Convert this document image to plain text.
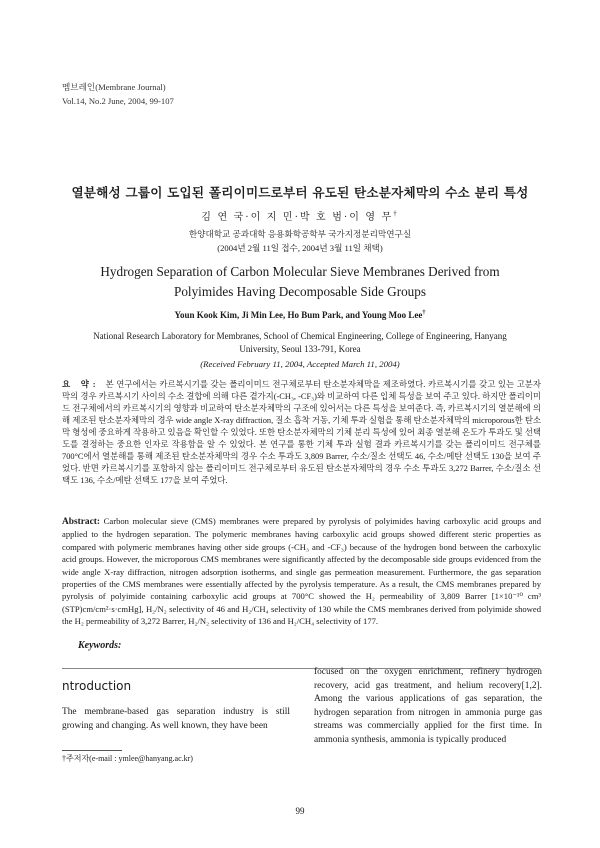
멤브레인(Membrane Journal)
Vol.14, No.2 June, 2004, 99-107
열분해성 그룹이 도입된 폴리이미드로부터 유도된 탄소분자체막의 수소 분리 특성
김 연 국·이 지 민·박 호 범·이 영 무†
한양대학교 공과대학 응용화학공학부 국가지정분리막연구실
(2004년 2월 11일 접수, 2004년 3월 11일 채택)
Hydrogen Separation of Carbon Molecular Sieve Membranes Derived from Polyimides Having Decomposable Side Groups
Youn Kook Kim, Ji Min Lee, Ho Bum Park, and Young Moo Lee†
National Research Laboratory for Membranes, School of Chemical Engineering, College of Engineering, Hanyang University, Seoul 133-791, Korea
(Received February 11, 2004, Accepted March 11, 2004)
요 약: 본 연구에서는 카르복시기를 갖는 폴리이미드 전구체로부터 탄소분자체막을 제조하였다. 카르복시기를 갖고 있는 고분자 막의 경우 카르복시기 사이의 수소 결합에 의해 다른 곁가지(-CH₃, -CF₃)와 비교하여 다른 입체 특성을 보여 주고 있다. 하지만 폴리이미드 전구체에서의 카르복시기의 영향과 비교하여 탄소분자체막의 구조에 있어서는 다른 특성을 보여준다. 즉, 카르복시기의 열분해에 의해 제조된 탄소분자체막의 경우 wide angle X-ray diffraction, 질소 흡착 거동, 기체 투과 실험을 통해 탄소분자체막의 microporous한 탄소막 형성에 중요하게 작용하고 있음을 확인할 수 있었다. 또한 탄소분자체막의 기체 분리 특성에 있어 최종 열분해 온도가 투과도 및 선택도를 결정하는 중요한 인자로 작용함을 알 수 있었다. 본 연구를 통한 기체 투과 실험 결과 카르복시기를 갖는 폴리이미드 전구체를 700°C에서 열분해를 통해 제조된 탄소분자체막의 경우 수소 투과도 3,809 Barrer, 수소/질소 선택도 46, 수소/메탄 선택도 130을 보여 주었다. 반면 카르복시기를 포함하지 않는 폴리이미드 전구체로부터 유도된 탄소분자체막의 경우 수소 투과도 3,272 Barrer, 수소/질소 선택도 136, 수소/메탄 선택도 177을 보여 주었다.
Abstract: Carbon molecular sieve (CMS) membranes were prepared by pyrolysis of polyimides having carboxylic acid groups and applied to the hydrogen separation. The polymeric membranes having carboxylic acid groups showed different steric properties as compared with polymeric membranes having other side groups (-CH₃ and -CF₃) because of the hydrogen bond between the carboxylic acid groups. However, the microporous CMS membranes were significantly affected by the decomposable side groups evidenced from the wide angle X-ray diffraction, nitrogen adsorption isotherms, and single gas permeation measurement. Furthermore, the gas separation properties of the CMS membranes were essentially affected by the pyrolysis temperature. As a result, the CMS membranes prepared by pyrolysis of polyimide containing carboxylic acid groups at 700°C showed the H₂ permeability of 3,809 Barrer [1×10⁻¹⁰ cm³ (STP)cm/cm²·s·cmHg], H₂/N₂ selectivity of 46 and H₂/CH₄ selectivity of 130 while the CMS membranes derived from polyimide showed the H₂ permeability of 3,272 Barrer, H₂/N₂ selectivity of 136 and H₂/CH₄ selectivity of 177.
Keywords:
ntroduction
The membrane-based gas separation industry is still growing and changing. As well known, they have been
focused on the oxygen enrichment, refinery hydrogen recovery, acid gas treatment, and helium recovery[1,2]. Among the various applications of gas separation, the hydrogen separation from nitrogen in ammonia purge gas streams was commercially applied for the first time. In ammonia synthesis, ammonia is typically produced
†주저자(e-mail : ymlee@hanyang.ac.kr)
99
